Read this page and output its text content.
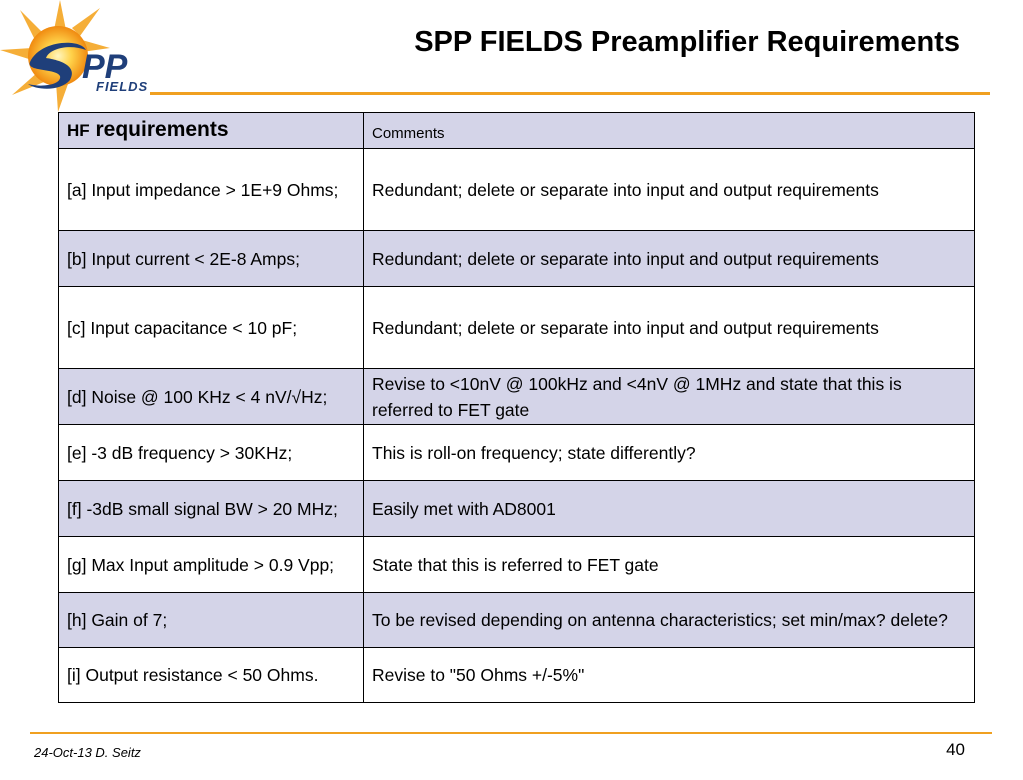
PP
FIELDS
SPP FIELDS Preamplifier Requirements
HF requirements	Comments
[a] Input impedance > 1E+9 Ohms;	Redundant; delete or separate into input and output requirements
[b] Input current < 2E-8 Amps;	Redundant; delete or separate into input and output requirements
[c] Input capacitance < 10 pF;	Redundant; delete or separate into input and output requirements
[d] Noise @ 100 KHz < 4 nV/√Hz;	Revise to <10nV @ 100kHz and <4nV @ 1MHz and state that this is referred to FET gate
[e] -3 dB frequency > 30KHz;	This is roll-on frequency; state differently?
[f] -3dB small signal BW > 20 MHz;	Easily met with AD8001
[g] Max Input amplitude > 0.9 Vpp;	State that this is referred to FET gate
[h] Gain of 7;	To be revised depending on antenna characteristics; set min/max? delete?
[i] Output resistance < 50 Ohms.	Revise to "50 Ohms +/-5%"
24-Oct-13 D. Seitz	40
